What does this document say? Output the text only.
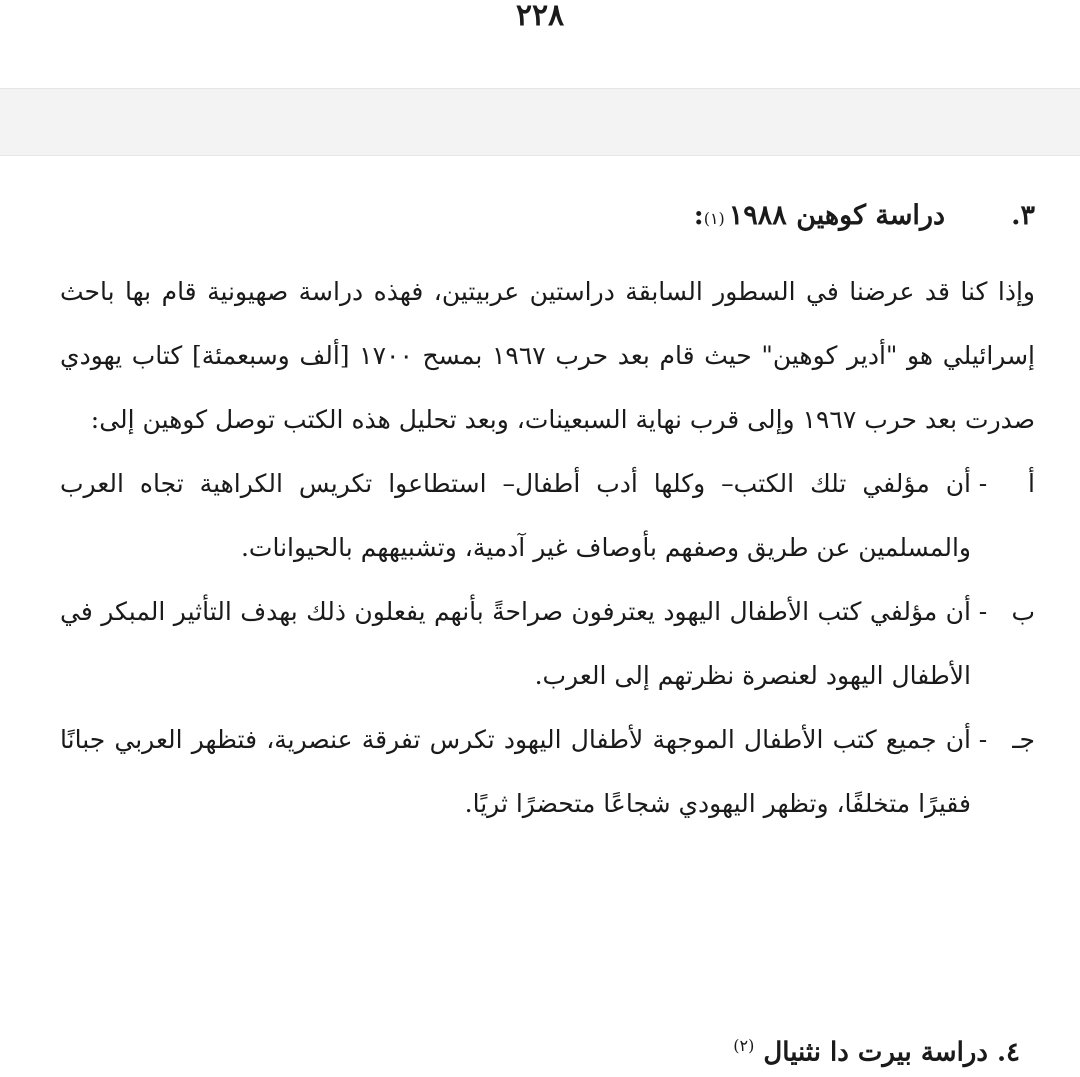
٢٢٨
٣.
دراسة كوهين ١٩٨٨
(١)
:
وإذا كنا قد عرضنا في السطور السابقة دراستين عربيتين، فهذه دراسة صهيونية قام بها باحث إسرائيلي هو "أدير كوهين" حيث قام بعد حرب ١٩٦٧ بمسح ١٧٠٠ [ألف وسبعمئة] كتاب يهودي صدرت بعد حرب ١٩٦٧ وإلى قرب نهاية السبعينات، وبعد تحليل هذه الكتب توصل كوهين إلى:
أ
-
أن مؤلفي تلك الكتب– وكلها أدب أطفال– استطاعوا تكريس الكراهية تجاه العرب والمسلمين عن طريق وصفهم بأوصاف غير آدمية، وتشبيههم بالحيوانات.
ب
-
أن مؤلفي كتب الأطفال اليهود يعترفون صراحةً بأنهم يفعلون ذلك بهدف التأثير المبكر في الأطفال اليهود لعنصرة نظرتهم إلى العرب.
جـ
-
أن جميع كتب الأطفال الموجهة لأطفال اليهود تكرس تفرقة عنصرية، فتظهر العربي جبانًا فقيرًا متخلفًا، وتظهر اليهودي شجاعًا متحضرًا ثريًا.
٤. دراسة بيرت دا نثنيال $^{(٢)}$
